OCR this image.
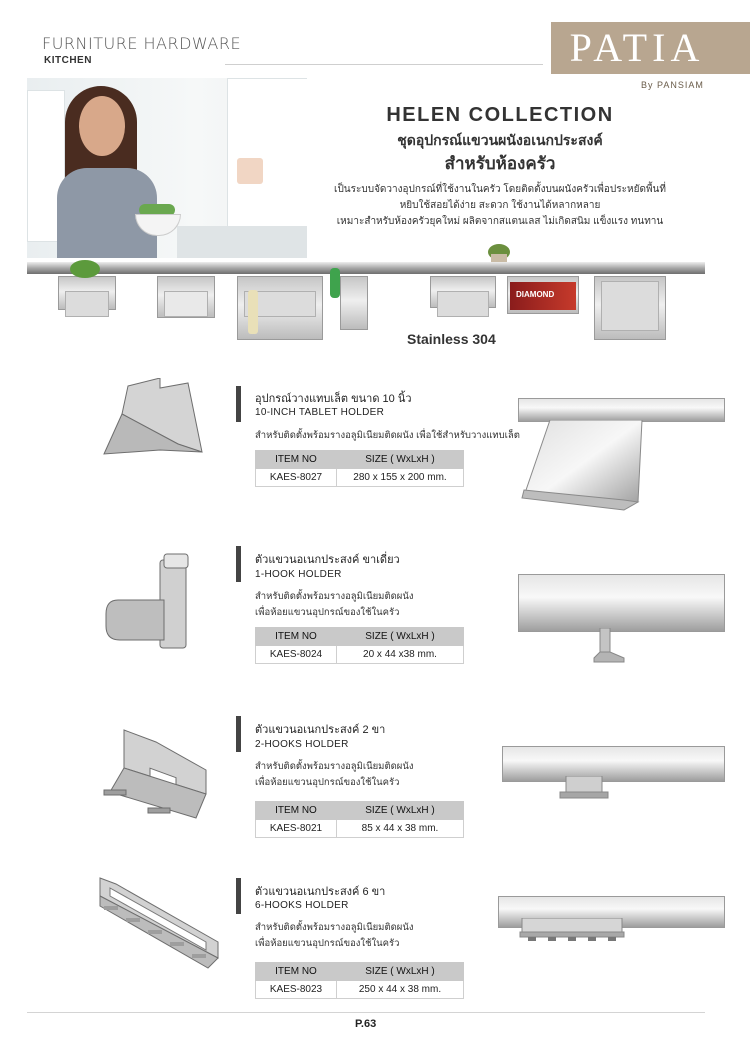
FURNITURE HARDWARE
KITCHEN	PATIA
By PANSIAM
HELEN COLLECTION
ชุดอุปกรณ์แขวนผนังอเนกประสงค์
สำหรับห้องครัว
เป็นระบบจัดวางอุปกรณ์ที่ใช้งานในครัว โดยติดตั้งบนผนังครัวเพื่อประหยัดพื้นที่
หยิบใช้สอยได้ง่าย สะดวก ใช้งานได้หลากหลาย
เหมาะสำหรับห้องครัวยุคใหม่ ผลิตจากสแตนเลส ไม่เกิดสนิม แข็งแรง ทนทาน
DIAMOND
Stainless 304
อุปกรณ์วางแทบเล็ต ขนาด 10 นิ้ว
10-INCH TABLET HOLDER
สำหรับติดตั้งพร้อมรางอลูมิเนียมติดผนัง เพื่อใช้สำหรับวางแทบเล็ต
ITEM NO	SIZE ( WxLxH )
KAES-8027	280 x 155 x 200 mm.
ตัวแขวนอเนกประสงค์ ขาเดี่ยว
1-HOOK HOLDER
สำหรับติดตั้งพร้อมรางอลูมิเนียมติดผนัง
เพื่อห้อยแขวนอุปกรณ์ของใช้ในครัว
ITEM NO	SIZE ( WxLxH )
KAES-8024	20 x 44 x38 mm.
ตัวแขวนอเนกประสงค์ 2 ขา
2-HOOKS HOLDER
สำหรับติดตั้งพร้อมรางอลูมิเนียมติดผนัง
เพื่อห้อยแขวนอุปกรณ์ของใช้ในครัว
ITEM NO	SIZE ( WxLxH )
KAES-8021	85 x 44 x 38 mm.
ตัวแขวนอเนกประสงค์ 6 ขา
6-HOOKS HOLDER
สำหรับติดตั้งพร้อมรางอลูมิเนียมติดผนัง
เพื่อห้อยแขวนอุปกรณ์ของใช้ในครัว
ITEM NO	SIZE ( WxLxH )
KAES-8023	250 x 44 x 38 mm.
P.63
